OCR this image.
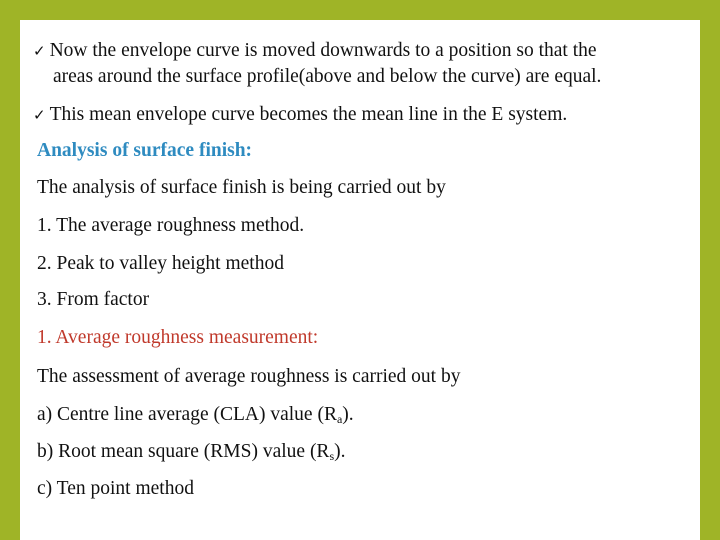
✓ Now the envelope curve is moved downwards to a position so that the
areas around the surface profile(above and below the curve) are equal.
✓ This mean envelope curve becomes the mean line in the E system.
Analysis of surface finish:
The analysis of surface finish is being carried out by
1. The average roughness method.
2. Peak to valley height method
3. From factor
1. Average roughness measurement:
The assessment of average roughness is carried out by
a) Centre line average (CLA) value $(R_a)$.
b) Root mean square (RMS) value $(R_s)$.
c) Ten point method
